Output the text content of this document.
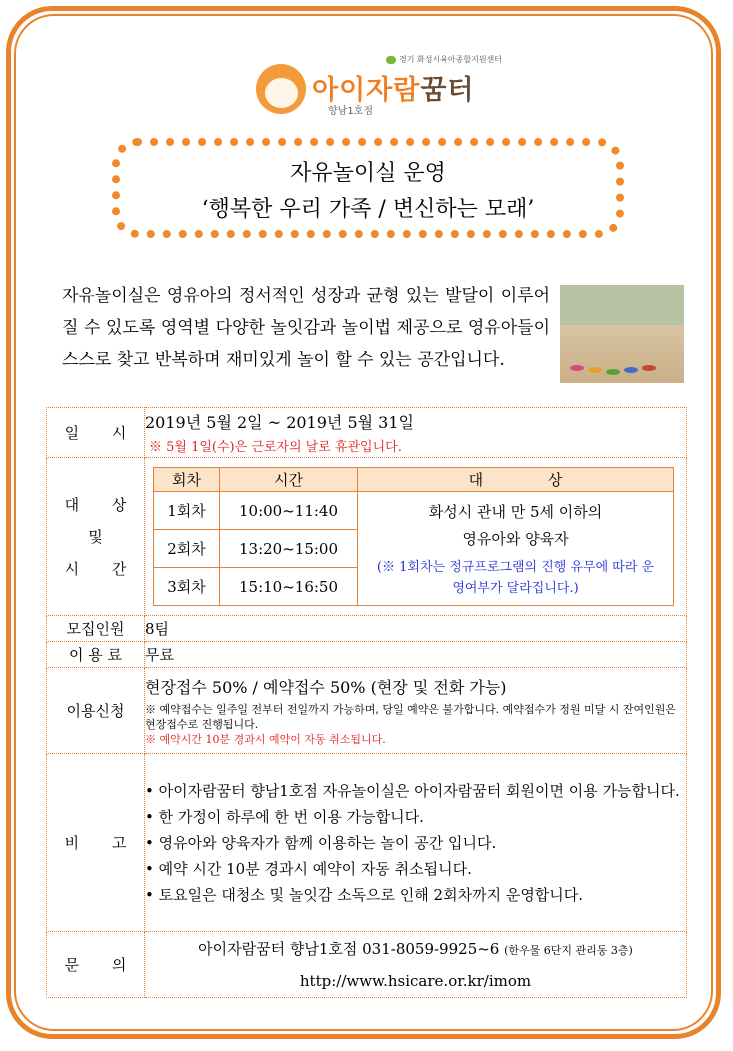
경기 화성시육아종합지원센터
아이자람꿈터
향남1호점
자유놀이실 운영
‘행복한 우리 가족 / 변신하는 모래’
자유놀이실은 영유아의 정서적인 성장과 균형 있는 발달이 이루어질 수 있도록 영역별 다양한 놀잇감과 놀이법 제공으로 영유아들이 스스로 찾고 반복하며 재미있게 놀이 할 수 있는 공간입니다.
일 시	
2019년 5월 2일 ~ 2019년 5월 31일
※ 5월 1일(수)은 근로자의 날로 휴관입니다.

대 상
및
시 간

회차	시간	대 상
1회차	10:00~11:40	화성시 관내 만 5세 이하의
영유아와 양육자
(※ 1회차는 정규프로그램의 진행 유무에 따라 운영여부가 달라집니다.)

2회차	13:20~15:00
3회차	15:10~16:50

모집인원	8팀
이 용 료	무료
이용신청	
현장접수 50% / 예약접수 50% (현장 및 전화 가능)
※ 예약접수는 일주일 전부터 전일까지 가능하며, 당일 예약은 불가합니다. 예약접수가 정원 미달 시 잔여인원은 현장접수로 진행됩니다.
※ 예약시간 10분 경과시 예약이 자동 취소됩니다.

비 고	
• 아이자람꿈터 향남1호점 자유놀이실은 아이자람꿈터 회원이면 이용 가능합니다.
• 한 가정이 하루에 한 번 이용 가능합니다.
• 영유아와 양육자가 함께 이용하는 놀이 공간 입니다.
• 예약 시간 10분 경과시 예약이 자동 취소됩니다.
• 토요일은 대청소 및 놀잇감 소독으로 인해 2회차까지 운영합니다.

문 의	
아이자람꿈터 향남1호점 031-8059-9925~6 (한우물 6단지 관리동 3층)
http://www.hsicare.or.kr/imom
